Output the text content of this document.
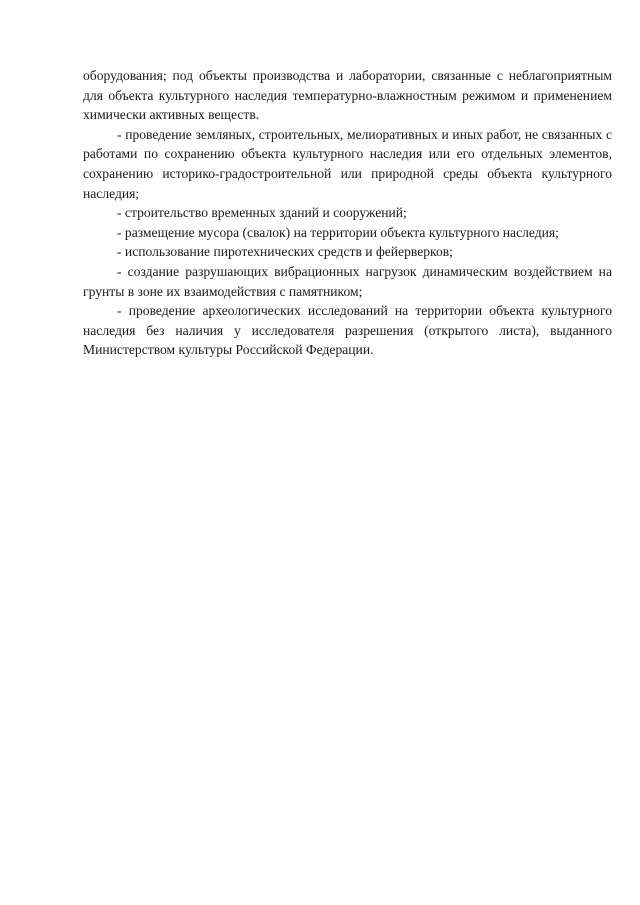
оборудования; под объекты производства и лаборатории, связанные с неблагоприятным для объекта культурного наследия температурно-влажностным режимом и применением химически активных веществ.

- проведение земляных, строительных, мелиоративных и иных работ, не связанных с работами по сохранению объекта культурного наследия или его отдельных элементов, сохранению историко-градостроительной или природной среды объекта культурного наследия;

- строительство временных зданий и сооружений;

- размещение мусора (свалок) на территории объекта культурного наследия;

- использование пиротехнических средств и фейерверков;

- создание разрушающих вибрационных нагрузок динамическим воздействием на грунты в зоне их взаимодействия с памятником;

- проведение археологических исследований на территории объекта культурного наследия без наличия у исследователя разрешения (открытого листа), выданного Министерством культуры Российской Федерации.
